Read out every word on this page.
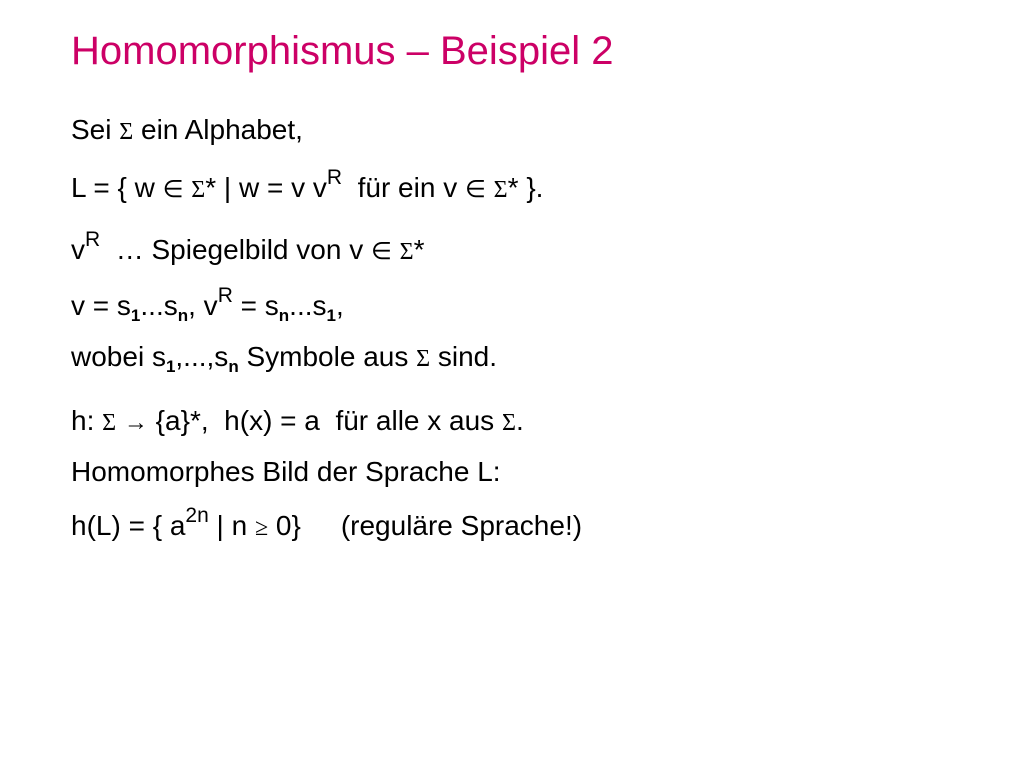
Homomorphismus – Beispiel 2
Sei Σ ein Alphabet,
L = { w ∈ Σ* | w = v $v^R$  für ein v ∈ Σ* }.
$v^R$  … Spiegelbild von v ∈ Σ*
$v = s_1...s_n$, $v^R = s_n...s_1$,
wobei $s_1,...,s_n$ Symbole aus Σ sind.
h: Σ → {a}*,  h(x) = a  für alle x aus Σ.
Homomorphes Bild der Sprache L:
h(L) = { $a^{2n}$ | n ≥ 0} (reguläre Sprache!)
